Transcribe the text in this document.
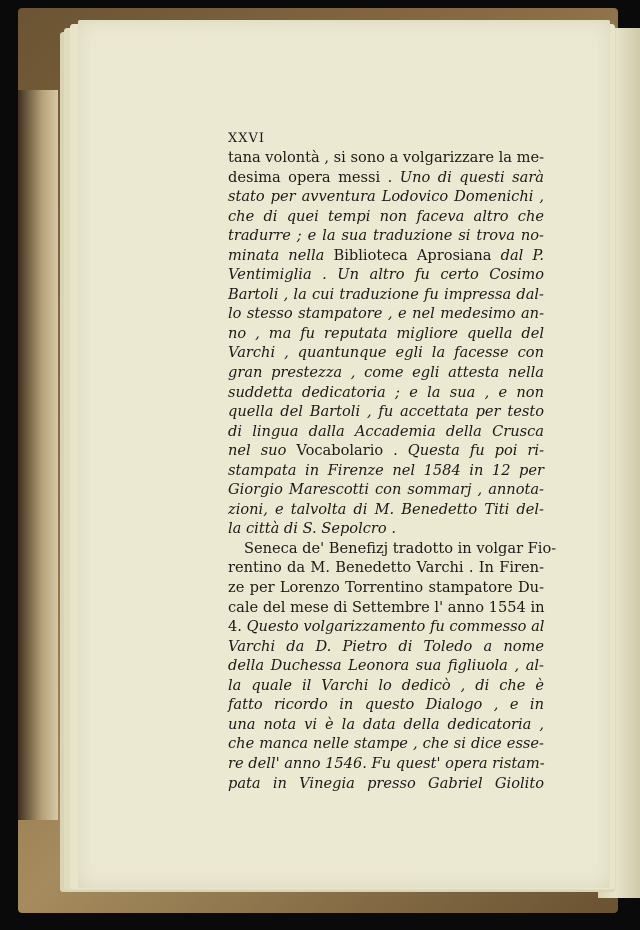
XXVI
tana volontà , si sono a volgarizzare la me-
desima opera messi . Uno di questi sarà
stato per avventura Lodovico Domenichi ,
che di quei tempi non faceva altro che
tradurre ; e la sua traduzione si trova no-
minata nella Biblioteca Aprosiana dal P.
Ventimiglia . Un altro fu certo Cosimo
Bartoli , la cui traduzione fu impressa dal-
lo stesso stampatore , e nel medesimo an-
no , ma fu reputata migliore quella del
Varchi , quantunque egli la facesse con
gran prestezza , come egli attesta nella
suddetta dedicatoria ; e la sua , e non
quella del Bartoli , fu accettata per testo
di lingua dalla Accademia della Crusca
nel suo Vocabolario . Questa fu poi ri-
stampata in Firenze nel 1584 in 12 per
Giorgio Marescotti con sommarj , annota-
zioni, e talvolta di M. Benedetto Titi del-
la città di S. Sepolcro .
Seneca de' Benefizj tradotto in volgar Fio-
rentino da M. Benedetto Varchi . In Firen-
ze per Lorenzo Torrentino stampatore Du-
cale del mese di Settembre l' anno 1554 in
4. Questo volgarizzamento fu commesso al
Varchi da D. Pietro di Toledo a nome
della Duchessa Leonora sua figliuola , al-
la quale il Varchi lo dedicò , di che è
fatto ricordo in questo Dialogo , e in
una nota vi è la data della dedicatoria ,
che manca nelle stampe , che si dice esse-
re dell' anno 1546. Fu quest' opera ristam-
pata in Vinegia presso Gabriel Giolito
